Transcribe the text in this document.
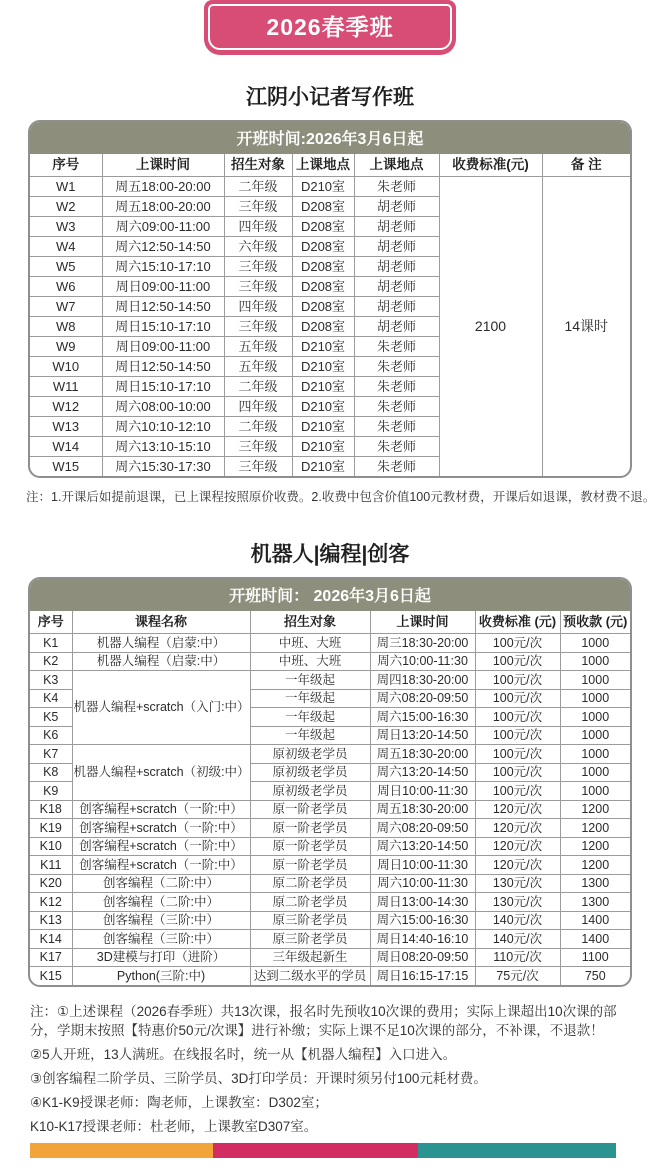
2026春季班
江阴小记者写作班
开班时间:2026年3月6日起
序号	上课时间	招生对象	上课地点	上课地点	收费标准(元)	备 注
W1	周五18:00-20:00	二年级	D210室	朱老师	2100	14课时
W2	周五18:00-20:00	三年级	D208室	胡老师		
W3	周六09:00-11:00	四年级	D208室	胡老师		
W4	周六12:50-14:50	六年级	D208室	胡老师		
W5	周六15:10-17:10	三年级	D208室	胡老师		
W6	周日09:00-11:00	三年级	D208室	胡老师		
W7	周日12:50-14:50	四年级	D208室	胡老师		
W8	周日15:10-17:10	三年级	D208室	胡老师		
W9	周日09:00-11:00	五年级	D210室	朱老师		
W10	周日12:50-14:50	五年级	D210室	朱老师		
W11	周日15:10-17:10	二年级	D210室	朱老师		
W12	周六08:00-10:00	四年级	D210室	朱老师		
W13	周六10:10-12:10	二年级	D210室	朱老师		
W14	周六13:10-15:10	三年级	D210室	朱老师		
W15	周六15:30-17:30	三年级	D210室	朱老师		
注：1.开课后如提前退课，已上课程按照原价收费。2.收费中包含价值100元教材费，开课后如退课，教材费不退。
机器人|编程|创客
开班时间： 2026年3月6日起
序号	课程名称	招生对象	上课时间	收费标准 (元)	预收款 (元)
K1	机器人编程（启蒙:中）	中班、大班	周三18:30-20:00	100元/次	1000
K2	机器人编程（启蒙:中）	中班、大班	周六10:00-11:30	100元/次	1000
K3	机器人编程+scratch（入门:中）	一年级起	周四18:30-20:00	100元/次	1000
K4		一年级起	周六08:20-09:50	100元/次	1000
K5		一年级起	周六15:00-16:30	100元/次	1000
K6		一年级起	周日13:20-14:50	100元/次	1000
K7	机器人编程+scratch（初级:中）	原初级老学员	周五18:30-20:00	100元/次	1000
K8		原初级老学员	周六13:20-14:50	100元/次	1000
K9		原初级老学员	周日10:00-11:30	100元/次	1000
K18	创客编程+scratch（一阶:中）	原一阶老学员	周五18:30-20:00	120元/次	1200
K19	创客编程+scratch（一阶:中）	原一阶老学员	周六08:20-09:50	120元/次	1200
K10	创客编程+scratch（一阶:中）	原一阶老学员	周六13:20-14:50	120元/次	1200
K11	创客编程+scratch（一阶:中）	原一阶老学员	周日10:00-11:30	120元/次	1200
K20	创客编程（二阶:中）	原二阶老学员	周六10:00-11:30	130元/次	1300
K12	创客编程（二阶:中）	原二阶老学员	周日13:00-14:30	130元/次	1300
K13	创客编程（三阶:中）	原三阶老学员	周六15:00-16:30	140元/次	1400
K14	创客编程（三阶:中）	原三阶老学员	周日14:40-16:10	140元/次	1400
K17	3D建模与打印（进阶）	三年级起新生	周日08:20-09:50	110元/次	1100
K15	Python(三阶:中)	达到二级水平的学员	周日16:15-17:15	75元/次	750

注：①上述课程（2026春季班）共13次课，报名时先预收10次课的费用；实际上课超出10次课的部分，学期末按照【特惠价50元/次课】进行补缴；实际上课不足10次课的部分，不补课，不退款！

②5人开班，13人满班。在线报名时，统一从【机器人编程】入口进入。

③创客编程二阶学员、三阶学员、3D打印学员：开课时须另付100元耗材费。

④K1-K9授课老师：陶老师，上课教室：D302室；

K10-K17授课老师：杜老师，上课教室D307室。
